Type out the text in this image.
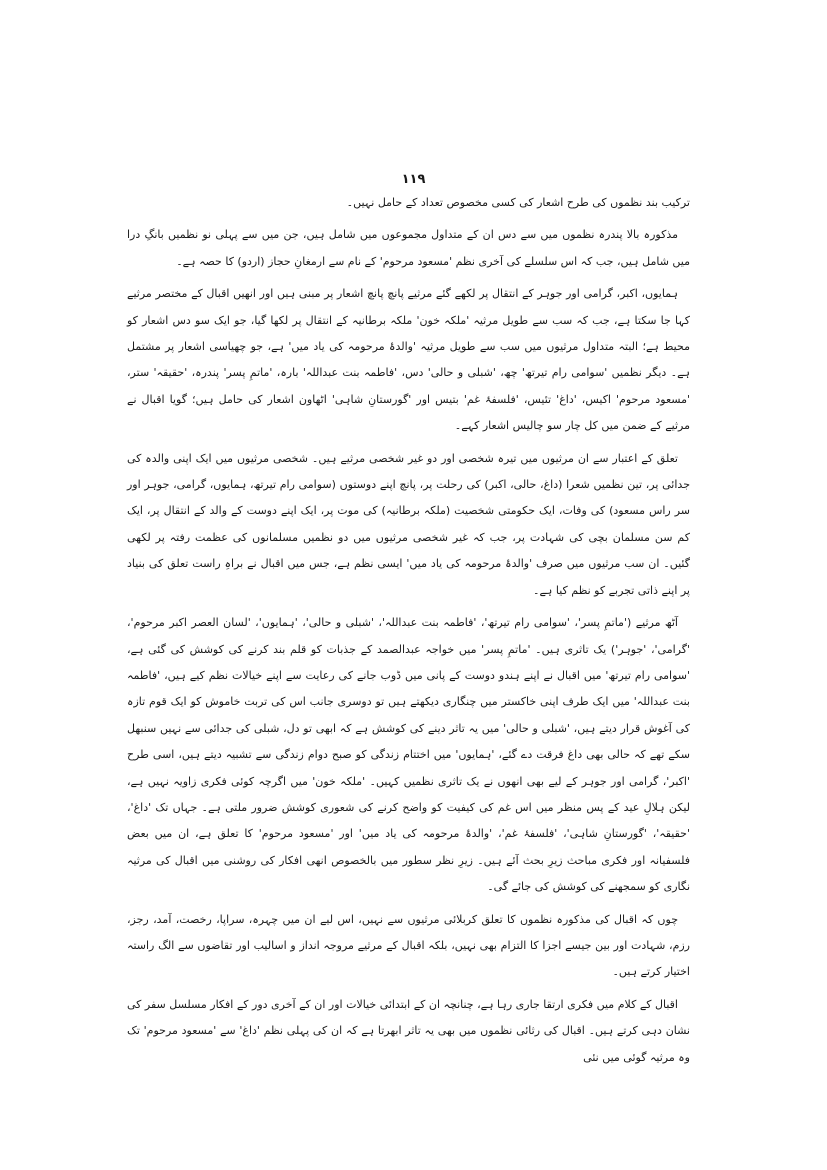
۱۱۹

ترکیب بند نظموں کی طرح اشعار کی کسی مخصوص تعداد کے حامل نہیں۔

مذکورہ بالا پندرہ نظموں میں سے دس ان کے متداول مجموعوں میں شامل ہیں، جن میں سے پہلی نو نظمیں بانگِ درا میں شامل ہیں، جب کہ اس سلسلے کی آخری نظم 'مسعود مرحوم' کے نام سے ارمغانِ حجاز (اردو) کا حصہ ہے۔

ہمایوں، اکبر، گرامی اور جوہر کے انتقال پر لکھے گئے مرثیے پانچ پانچ اشعار پر مبنی ہیں اور انھیں اقبال کے مختصر مرثیے کہا جا سکتا ہے، جب کہ سب سے طویل مرثیہ 'ملکہ خون' ملکہ برطانیہ کے انتقال پر لکھا گیا، جو ایک سو دس اشعار کو محیط ہے؛ البتہ متداول مرثیوں میں سب سے طویل مرثیہ 'والدۂ مرحومہ کی یاد میں' ہے، جو چھیاسی اشعار پر مشتمل ہے۔ دیگر نظمیں 'سوامی رام تیرتھ' چھ، 'شبلی و حالی' دس، 'فاطمہ بنت عبداللہ' بارہ، 'ماتمِ پسر' پندرہ، 'حقیقہ' ستر، 'مسعود مرحوم' اکیس، 'داغ' تئیس، 'فلسفۂ غم' بتیس اور 'گورستانِ شاہی' اٹھاون اشعار کی حامل ہیں؛ گویا اقبال نے مرثیے کے ضمن میں کل چار سو چالیس اشعار کہے۔

تعلق کے اعتبار سے ان مرثیوں میں تیرہ شخصی اور دو غیر شخصی مرثیے ہیں۔ شخصی مرثیوں میں ایک اپنی والدہ کی جدائی پر، تین نظمیں شعرا (داغ، حالی، اکبر) کی رحلت پر، پانچ اپنے دوستوں (سوامی رام تیرتھ، ہمایوں، گرامی، جوہر اور سر راس مسعود) کی وفات، ایک حکومتی شخصیت (ملکہ برطانیہ) کی موت پر، ایک اپنے دوست کے والد کے انتقال پر، ایک کم سن مسلمان بچی کی شہادت پر، جب کہ غیر شخصی مرثیوں میں دو نظمیں مسلمانوں کی عظمت رفتہ پر لکھی گئیں۔ ان سب مرثیوں میں صرف 'والدۂ مرحومہ کی یاد میں' ایسی نظم ہے، جس میں اقبال نے براہِ راست تعلق کی بنیاد پر اپنے ذاتی تجربے کو نظم کیا ہے۔

آٹھ مرثیے ('ماتمِ پسر'، 'سوامی رام تیرتھ'، 'فاطمہ بنت عبداللہ'، 'شبلی و حالی'، 'ہمایوں'، 'لسان العصر اکبر مرحوم'، 'گرامی'، 'جوہر') یک تاثری ہیں۔ 'ماتمِ پسر' میں خواجہ عبدالصمد کے جذبات کو قلم بند کرنے کی کوشش کی گئی ہے، 'سوامی رام تیرتھ' میں اقبال نے اپنے ہندو دوست کے پانی میں ڈوب جانے کی رعایت سے اپنے خیالات نظم کیے ہیں، 'فاطمہ بنت عبداللہ' میں ایک طرف اپنی خاکستر میں چنگاری دیکھتے ہیں تو دوسری جانب اس کی تربت خاموش کو ایک قوم تازہ کی آغوش قرار دیتے ہیں، 'شبلی و حالی' میں یہ تاثر دینے کی کوشش ہے کہ ابھی تو دل، شبلی کی جدائی سے نہیں سنبھل سکے تھے کہ حالی بھی داغ فرقت دے گئے، 'ہمایوں' میں اختتام زندگی کو صبح دوام زندگی سے تشبیہ دیتے ہیں، اسی طرح 'اکبر'، گرامی اور جوہر کے لیے بھی انھوں نے یک تاثری نظمیں کہیں۔ 'ملکہ خون' میں اگرچہ کوئی فکری زاویہ نہیں ہے، لیکن ہلالِ عید کے پس منظر میں اس غم کی کیفیت کو واضح کرنے کی شعوری کوشش ضرور ملتی ہے۔ جہاں تک 'داغ'، 'حقیقہ'، 'گورستانِ شاہی'، 'فلسفۂ غم'، 'والدۂ مرحومہ کی یاد میں' اور 'مسعود مرحوم' کا تعلق ہے، ان میں بعض فلسفیانہ اور فکری مباحث زیرِ بحث آئے ہیں۔ زیرِ نظر سطور میں بالخصوص انھی افکار کی روشنی میں اقبال کی مرثیہ نگاری کو سمجھنے کی کوشش کی جائے گی۔

چوں کہ اقبال کی مذکورہ نظموں کا تعلق کربلائی مرثیوں سے نہیں، اس لیے ان میں چہرہ، سراپا، رخصت، آمد، رجز، رزم، شہادت اور بین جیسے اجزا کا التزام بھی نہیں، بلکہ اقبال کے مرثیے مروجہ انداز و اسالیب اور تقاضوں سے الگ راستہ اختیار کرتے ہیں۔

اقبال کے کلام میں فکری ارتقا جاری رہا ہے، چنانچہ ان کے ابتدائی خیالات اور ان کے آخری دور کے افکار مسلسل سفر کی نشان دہی کرتے ہیں۔ اقبال کی رثائی نظموں میں بھی یہ تاثر ابھرتا ہے کہ ان کی پہلی نظم 'داغ' سے 'مسعود مرحوم' تک وہ مرثیہ گوئی میں نئی
